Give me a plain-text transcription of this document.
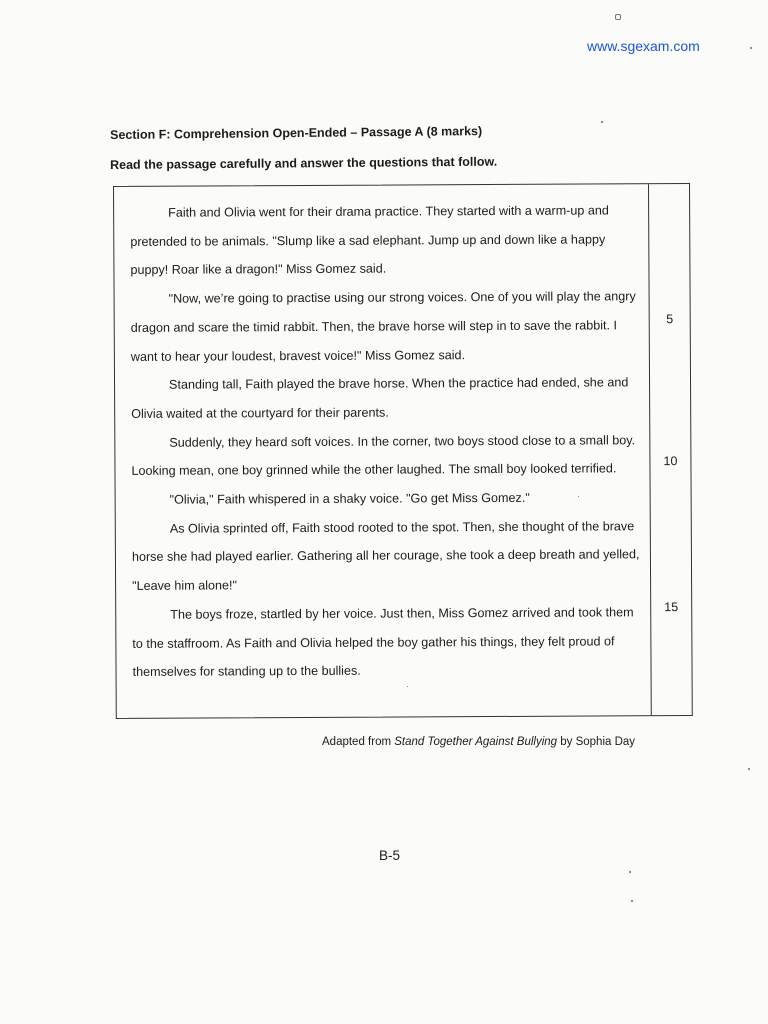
www.sgexam.com
Section F: Comprehension Open-Ended – Passage A (8 marks)
Read the passage carefully and answer the questions that follow.

Faith and Olivia went for their drama practice. They started with a warm-up and pretended to be animals. "Slump like a sad elephant. Jump up and down like a happy puppy! Roar like a dragon!" Miss Gomez said.

"Now, we’re going to practise using our strong voices. One of you will play the angry dragon and scare the timid rabbit. Then, the brave horse will step in to save the rabbit. I want to hear your loudest, bravest voice!" Miss Gomez said.

Standing tall, Faith played the brave horse. When the practice had ended, she and Olivia waited at the courtyard for their parents.

Suddenly, they heard soft voices. In the corner, two boys stood close to a small boy. Looking mean, one boy grinned while the other laughed. The small boy looked terrified.

"Olivia," Faith whispered in a shaky voice. "Go get Miss Gomez."

As Olivia sprinted off, Faith stood rooted to the spot. Then, she thought of the brave horse she had played earlier. Gathering all her courage, she took a deep breath and yelled, "Leave him alone!"

The boys froze, startled by her voice. Just then, Miss Gomez arrived and took them to the staffroom. As Faith and Olivia helped the boy gather his things, they felt proud of themselves for standing up to the bullies.

5
10
15
Adapted from Stand Together Against Bullying by Sophia Day
B-5
